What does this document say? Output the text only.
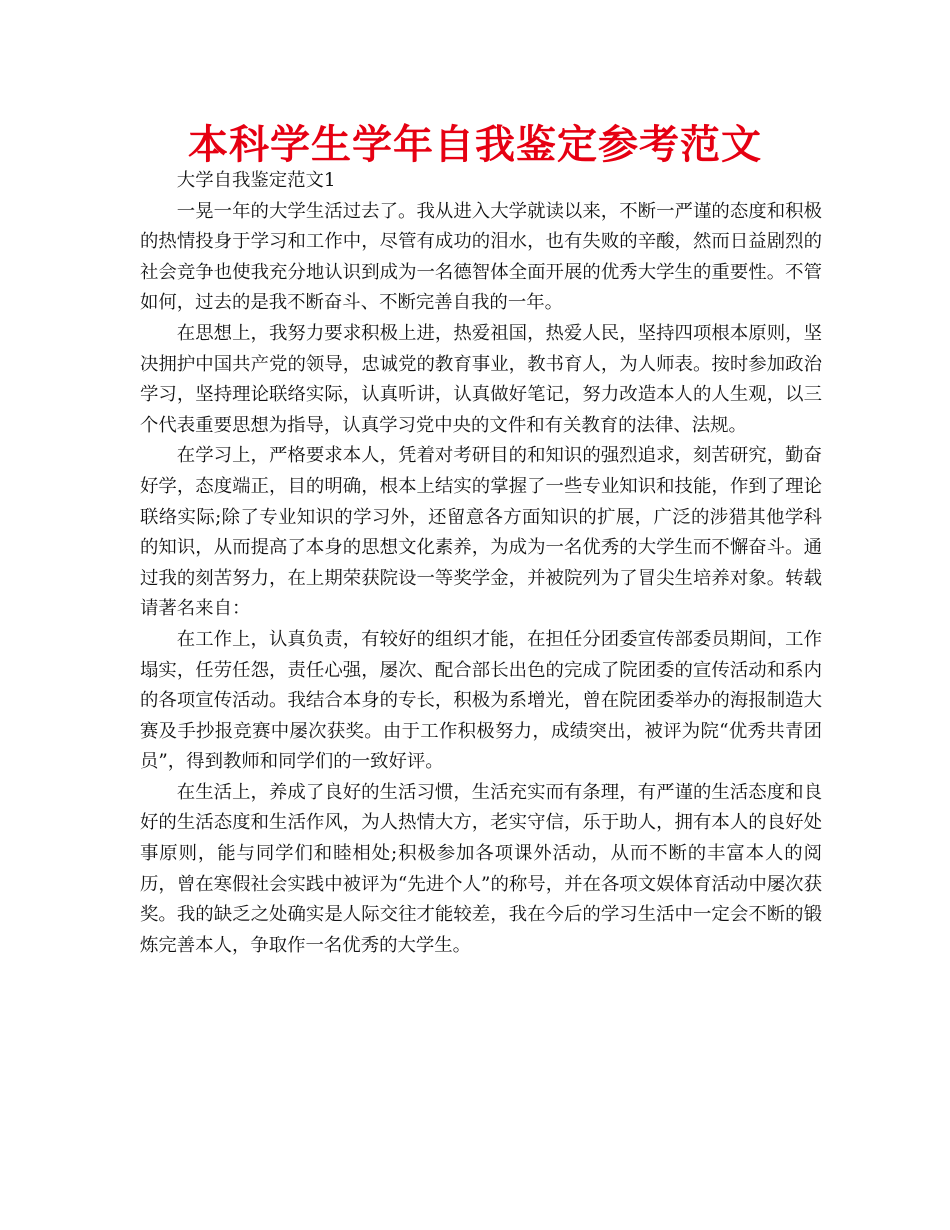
本科学生学年自我鉴定参考范文

大学自我鉴定范文1

一晃一年的大学生活过去了。我从进入大学就读以来，不断一严谨的态度和积极的热情投身于学习和工作中，尽管有成功的泪水，也有失败的辛酸，然而日益剧烈的社会竞争也使我充分地认识到成为一名德智体全面开展的优秀大学生的重要性。不管如何，过去的是我不断奋斗、不断完善自我的一年。

在思想上，我努力要求积极上进，热爱祖国，热爱人民，坚持四项根本原则，坚决拥护中国共产党的领导，忠诚党的教育事业，教书育人，为人师表。按时参加政治学习，坚持理论联络实际，认真听讲，认真做好笔记，努力改造本人的人生观，以三个代表重要思想为指导，认真学习党中央的文件和有关教育的法律、法规。

在学习上，严格要求本人，凭着对考研目的和知识的强烈追求，刻苦研究，勤奋好学，态度端正，目的明确，根本上结实的掌握了一些专业知识和技能，作到了理论联络实际;除了专业知识的学习外，还留意各方面知识的扩展，广泛的涉猎其他学科的知识，从而提高了本身的思想文化素养，为成为一名优秀的大学生而不懈奋斗。通过我的刻苦努力，在上期荣获院设一等奖学金，并被院列为了冒尖生培养对象。转载请著名来自：

在工作上，认真负责，有较好的组织才能，在担任分团委宣传部委员期间，工作塌实，任劳任怨，责任心强，屡次、配合部长出色的完成了院团委的宣传活动和系内的各项宣传活动。我结合本身的专长，积极为系增光，曾在院团委举办的海报制造大赛及手抄报竞赛中屡次获奖。由于工作积极努力，成绩突出，被评为院“优秀共青团员”，得到教师和同学们的一致好评。

在生活上，养成了良好的生活习惯，生活充实而有条理，有严谨的生活态度和良好的生活态度和生活作风，为人热情大方，老实守信，乐于助人，拥有本人的良好处事原则，能与同学们和睦相处;积极参加各项课外活动，从而不断的丰富本人的阅历，曾在寒假社会实践中被评为“先进个人”的称号，并在各项文娱体育活动中屡次获奖。我的缺乏之处确实是人际交往才能较差，我在今后的学习生活中一定会不断的锻炼完善本人，争取作一名优秀的大学生。
